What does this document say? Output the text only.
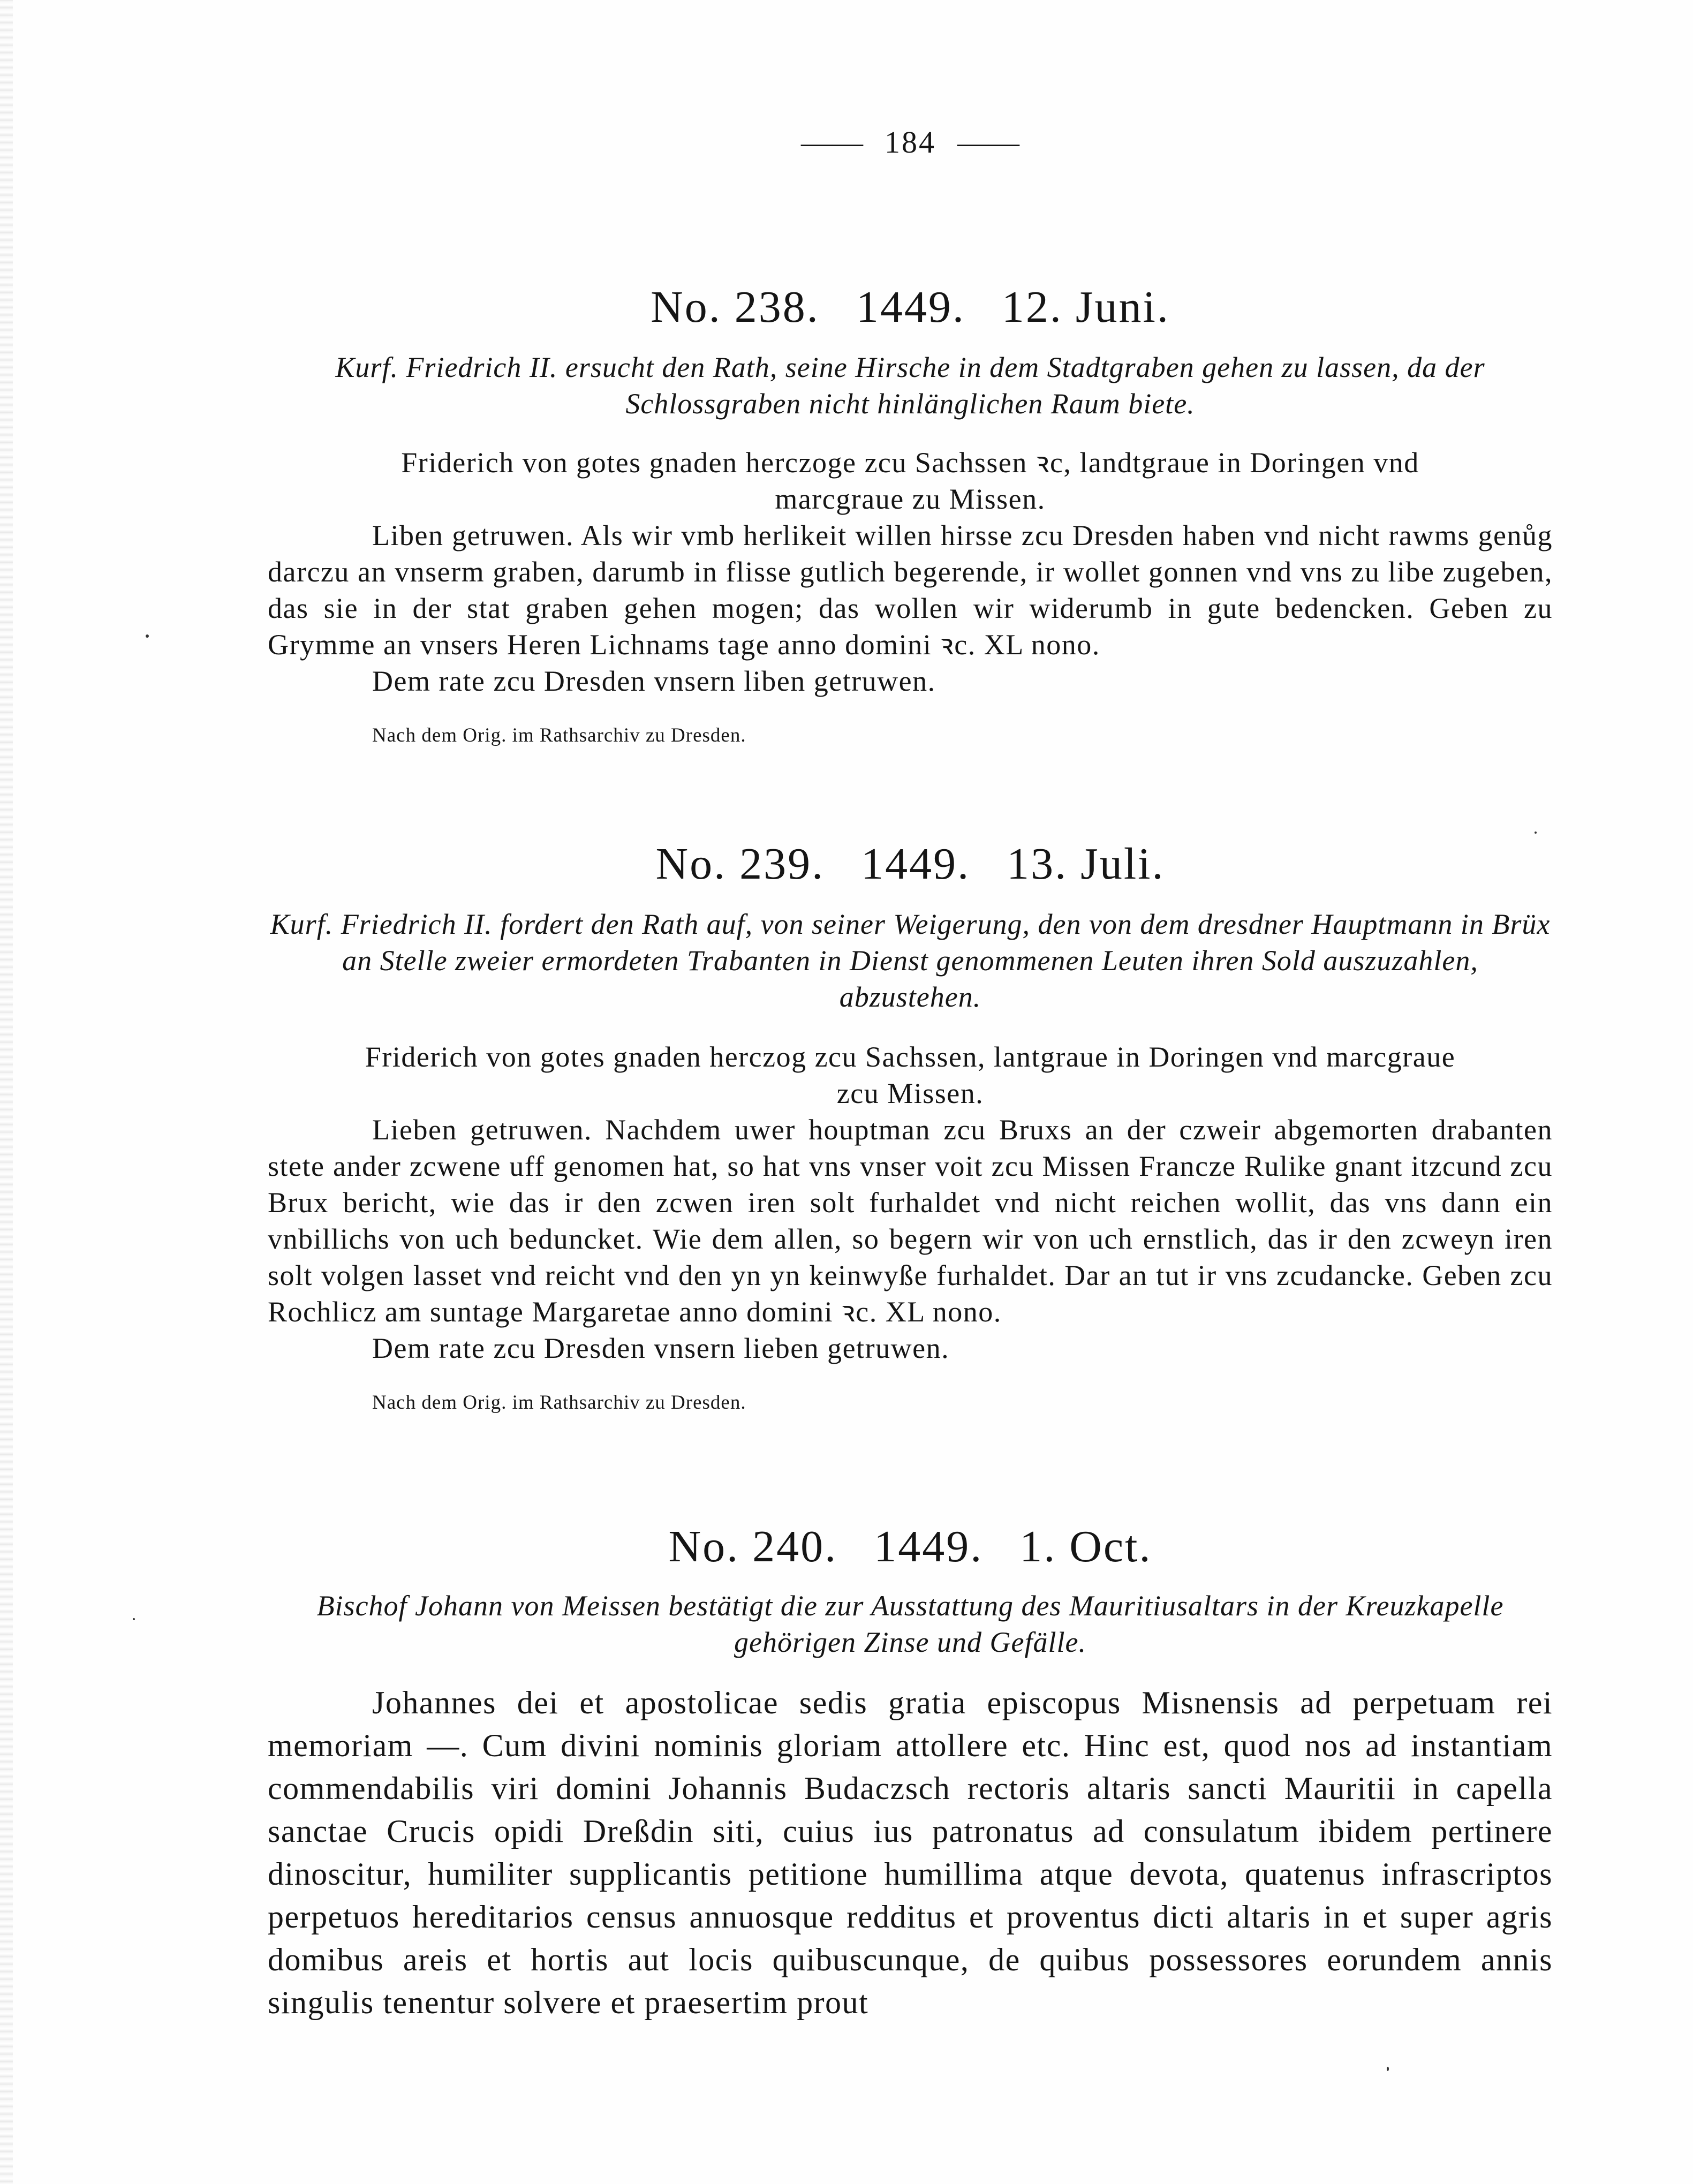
—— 184 ——
No. 238. 1449. 12. Juni.
Kurf. Friedrich II. ersucht den Rath, seine Hirsche in dem Stadtgraben gehen zu lassen, da der Schlossgraben nicht hinlänglichen Raum biete.
Friderich von gotes gnaden herczoge zcu Sachssen ꝛc, landtgraue in Doringen vnd marcgraue zu Missen.
Liben getruwen. Als wir vmb herlikeit willen hirsse zcu Dresden haben vnd nicht rawms genůg darczu an vnserm graben, darumb in flisse gutlich begerende, ir wollet gonnen vnd vns zu libe zugeben, das sie in der stat graben gehen mogen; das wollen wir widerumb in gute bedencken. Geben zu Grymme an vnsers Heren Lichnams tage anno domini ꝛc. XL nono.
Dem rate zcu Dresden vnsern liben getruwen.
Nach dem Orig. im Rathsarchiv zu Dresden.
No. 239. 1449. 13. Juli.
Kurf. Friedrich II. fordert den Rath auf, von seiner Weigerung, den von dem dresdner Hauptmann in Brüx an Stelle zweier ermordeten Trabanten in Dienst genommenen Leuten ihren Sold auszuzahlen, abzustehen.
Friderich von gotes gnaden herczog zcu Sachssen, lantgraue in Doringen vnd marcgraue zcu Missen.
Lieben getruwen. Nachdem uwer houptman zcu Bruxs an der czweir abgemorten drabanten stete ander zcwene uff genomen hat, so hat vns vnser voit zcu Missen Francze Rulike gnant itzcund zcu Brux bericht, wie das ir den zcwen iren solt furhaldet vnd nicht reichen wollit, das vns dann ein vnbillichs von uch beduncket. Wie dem allen, so begern wir von uch ernstlich, das ir den zcweyn iren solt volgen lasset vnd reicht vnd den yn yn keinwyße furhaldet. Dar an tut ir vns zcudancke. Geben zcu Rochlicz am suntage Margaretae anno domini ꝛc. XL nono.
Dem rate zcu Dresden vnsern lieben getruwen.
Nach dem Orig. im Rathsarchiv zu Dresden.
No. 240. 1449. 1. Oct.
Bischof Johann von Meissen bestätigt die zur Ausstattung des Mauritiusaltars in der Kreuzkapelle gehörigen Zinse und Gefälle.
Johannes dei et apostolicae sedis gratia episcopus Misnensis ad perpetuam rei memoriam —. Cum divini nominis gloriam attollere etc. Hinc est, quod nos ad instantiam commendabilis viri domini Johannis Budaczsch rectoris altaris sancti Mauritii in capella sanctae Crucis opidi Dreßdin siti, cuius ius patronatus ad consulatum ibidem pertinere dinoscitur, humiliter supplicantis petitione humillima atque devota, quatenus infrascriptos perpetuos hereditarios census annuosque redditus et proventus dicti altaris in et super agris domibus areis et hortis aut locis quibuscunque, de quibus possessores eorundem annis singulis tenentur solvere et praesertim prout
